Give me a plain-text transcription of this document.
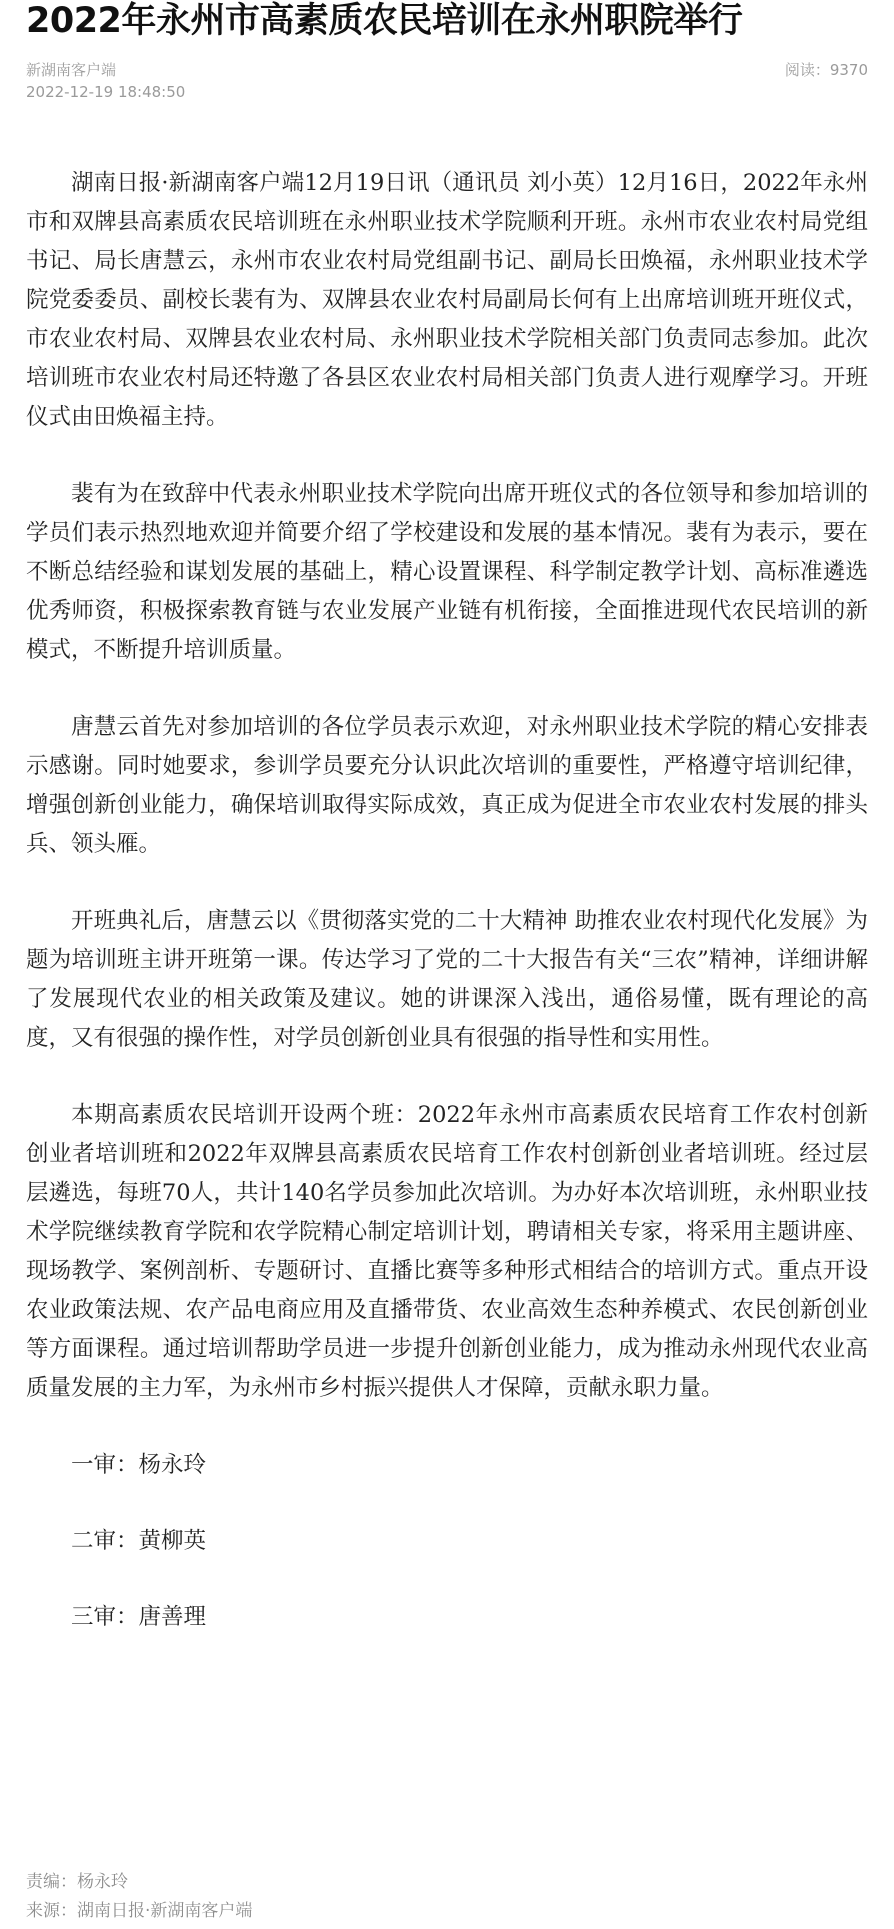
2022年永州市高素质农民培训在永州职院举行
新湖南客户端
2022-12-19 18:48:50
阅读：9370

湖南日报·新湖南客户端12月19日讯（通讯员 刘小英）12月16日，2022年永州市和双牌县高素质农民培训班在永州职业技术学院顺利开班。永州市农业农村局党组书记、局长唐慧云，永州市农业农村局党组副书记、副局长田焕福，永州职业技术学院党委委员、副校长裴有为、双牌县农业农村局副局长何有上出席培训班开班仪式，市农业农村局、双牌县农业农村局、永州职业技术学院相关部门负责同志参加。此次培训班市农业农村局还特邀了各县区农业农村局相关部门负责人进行观摩学习。开班仪式由田焕福主持。

裴有为在致辞中代表永州职业技术学院向出席开班仪式的各位领导和参加培训的学员们表示热烈地欢迎并简要介绍了学校建设和发展的基本情况。裴有为表示，要在不断总结经验和谋划发展的基础上，精心设置课程、科学制定教学计划、高标准遴选优秀师资，积极探索教育链与农业发展产业链有机衔接，全面推进现代农民培训的新模式，不断提升培训质量。

唐慧云首先对参加培训的各位学员表示欢迎，对永州职业技术学院的精心安排表示感谢。同时她要求，参训学员要充分认识此次培训的重要性，严格遵守培训纪律，增强创新创业能力，确保培训取得实际成效，真正成为促进全市农业农村发展的排头兵、领头雁。

开班典礼后，唐慧云以《贯彻落实党的二十大精神 助推农业农村现代化发展》为题为培训班主讲开班第一课。传达学习了党的二十大报告有关“三农”精神，详细讲解了发展现代农业的相关政策及建议。她的讲课深入浅出，通俗易懂，既有理论的高度，又有很强的操作性，对学员创新创业具有很强的指导性和实用性。

本期高素质农民培训开设两个班：2022年永州市高素质农民培育工作农村创新创业者培训班和2022年双牌县高素质农民培育工作农村创新创业者培训班。经过层层遴选，每班70人，共计140名学员参加此次培训。为办好本次培训班，永州职业技术学院继续教育学院和农学院精心制定培训计划，聘请相关专家，将采用主题讲座、现场教学、案例剖析、专题研讨、直播比赛等多种形式相结合的培训方式。重点开设农业政策法规、农产品电商应用及直播带货、农业高效生态种养模式、农民创新创业等方面课程。通过培训帮助学员进一步提升创新创业能力，成为推动永州现代农业高质量发展的主力军，为永州市乡村振兴提供人才保障，贡献永职力量。

一审：杨永玲

二审：黄柳英

三审：唐善理

责编：杨永玲
来源：湖南日报·新湖南客户端
